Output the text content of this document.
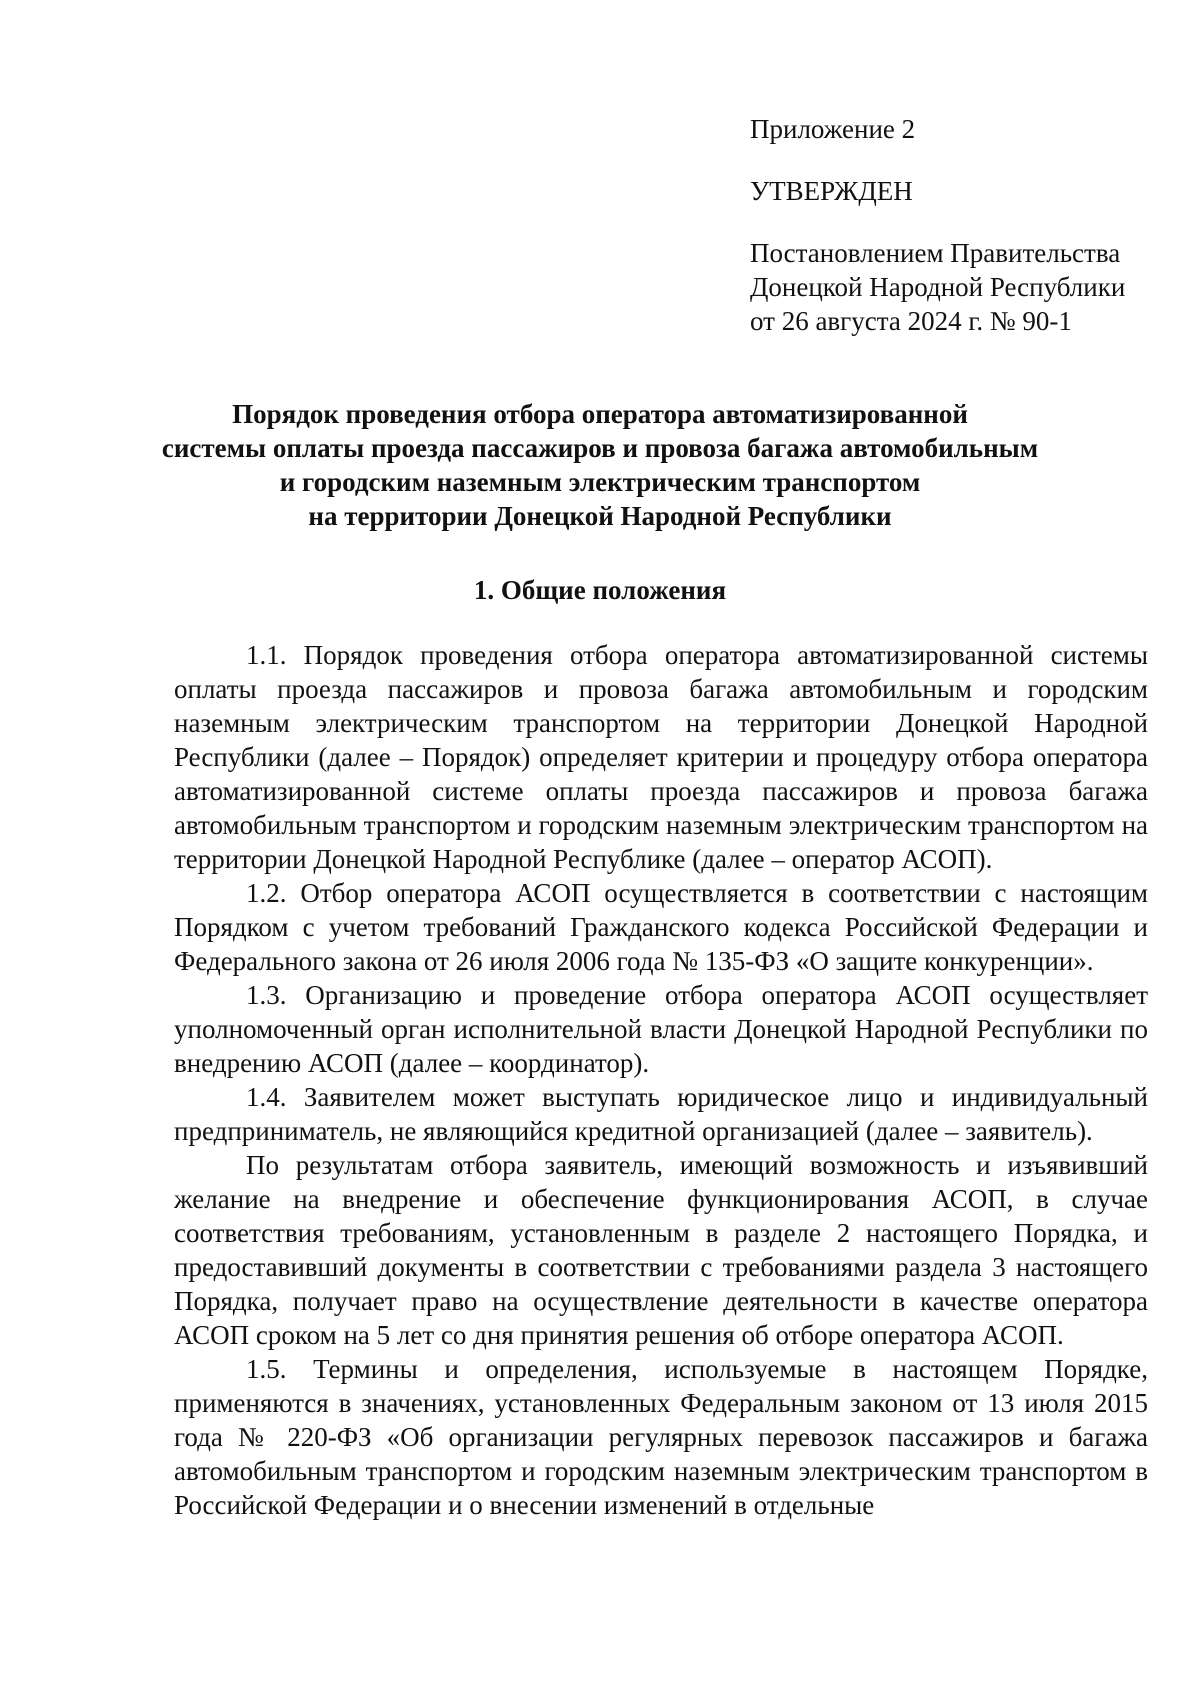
Приложение 2

УТВЕРЖДЕН

Постановлением Правительства
Донецкой Народной Республики
от 26 августа 2024 г. № 90-1

Порядок проведения отбора оператора автоматизированной
системы оплаты проезда пассажиров и провоза багажа автомобильным
и городским наземным электрическим транспортом
на территории Донецкой Народной Республики
1. Общие положения

1.1. Порядок проведения отбора оператора автоматизированной системы оплаты проезда пассажиров и провоза багажа автомобильным и городским наземным электрическим транспортом на территории Донецкой Народной Республики (далее – Порядок) определяет критерии и процедуру отбора оператора автоматизированной системе оплаты проезда пассажиров и провоза багажа автомобильным транспортом и городским наземным электрическим транспортом на территории Донецкой Народной Республике (далее – оператор АСОП).

1.2. Отбор оператора АСОП осуществляется в соответствии с настоящим Порядком с учетом требований Гражданского кодекса Российской Федерации и Федерального закона от 26 июля 2006 года № 135-ФЗ «О защите конкуренции».

1.3. Организацию и проведение отбора оператора АСОП осуществляет уполномоченный орган исполнительной власти Донецкой Народной Республики по внедрению АСОП (далее – координатор).

1.4. Заявителем может выступать юридическое лицо и индивидуальный предприниматель, не являющийся кредитной организацией (далее – заявитель).

По результатам отбора заявитель, имеющий возможность и изъявивший желание на внедрение и обеспечение функционирования АСОП, в случае соответствия требованиям, установленным в разделе 2 настоящего Порядка, и предоставивший документы в соответствии с требованиями раздела 3 настоящего Порядка, получает право на осуществление деятельности в качестве оператора АСОП сроком на 5 лет со дня принятия решения об отборе оператора АСОП.

1.5. Термины и определения, используемые в настоящем Порядке, применяются в значениях, установленных Федеральным законом от 13 июля 2015 года № 220-ФЗ «Об организации регулярных перевозок пассажиров и багажа автомобильным транспортом и городским наземным электрическим транспортом в Российской Федерации и о внесении изменений в отдельные
